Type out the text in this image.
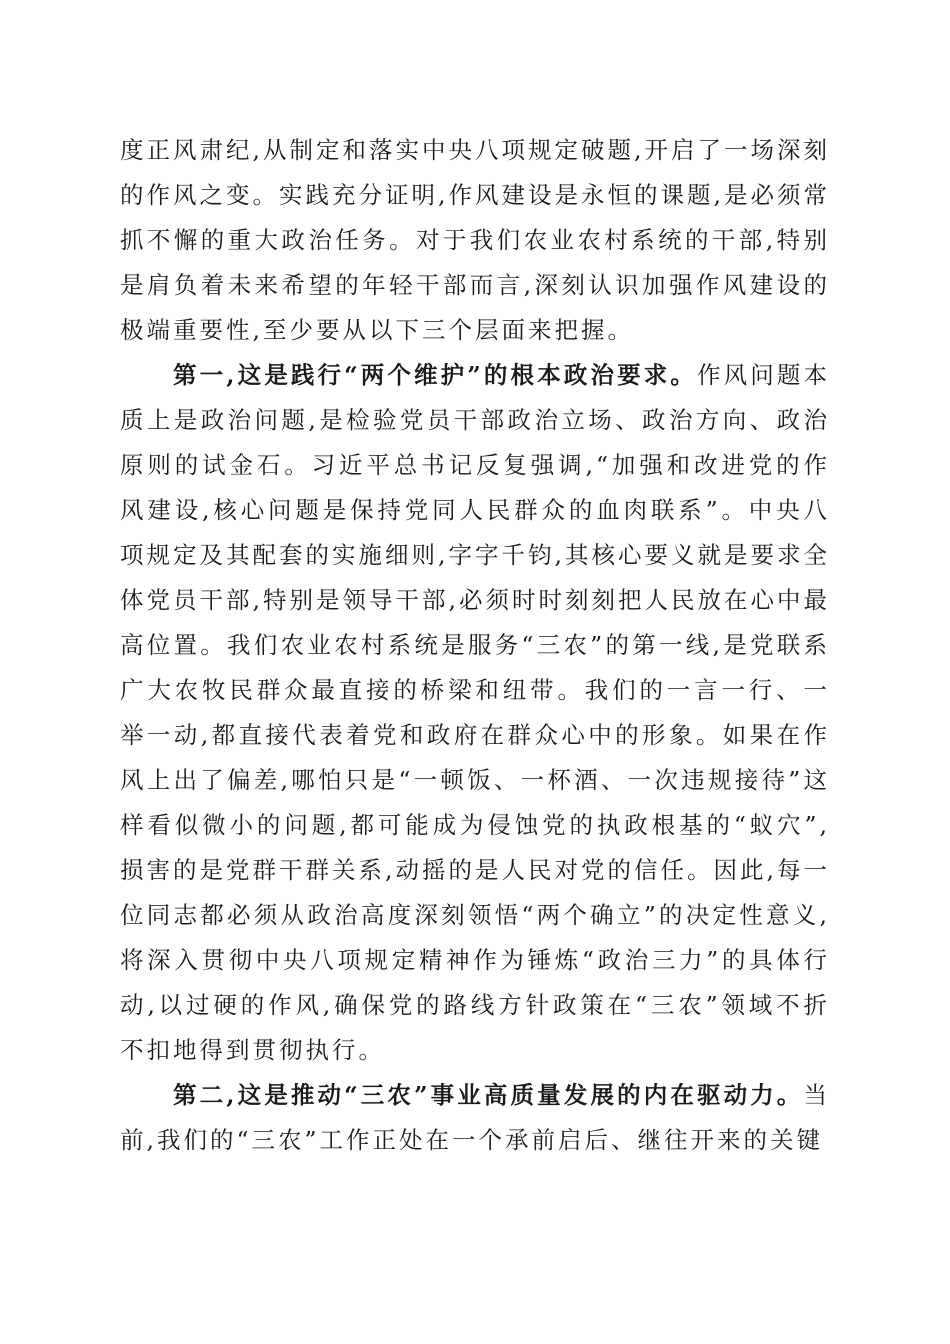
度正风肃纪,从制定和落实中央八项规定破题,开启了一场深刻的作风之变。实践充分证明,作风建设是永恒的课题,是必须常抓不懈的重大政治任务。对于我们农业农村系统的干部,特别是肩负着未来希望的年轻干部而言,深刻认识加强作风建设的极端重要性,至少要从以下三个层面来把握。

第一,这是践行“两个维护”的根本政治要求。作风问题本质上是政治问题,是检验党员干部政治立场、政治方向、政治原则的试金石。习近平总书记反复强调,“加强和改进党的作风建设,核心问题是保持党同人民群众的血肉联系”。中央八项规定及其配套的实施细则,字字千钧,其核心要义就是要求全体党员干部,特别是领导干部,必须时时刻刻把人民放在心中最高位置。我们农业农村系统是服务“三农”的第一线,是党联系广大农牧民群众最直接的桥梁和纽带。我们的一言一行、一举一动,都直接代表着党和政府在群众心中的形象。如果在作风上出了偏差,哪怕只是“一顿饭、一杯酒、一次违规接待”这样看似微小的问题,都可能成为侵蚀党的执政根基的“蚁穴”,损害的是党群干群关系,动摇的是人民对党的信任。因此,每一位同志都必须从政治高度深刻领悟“两个确立”的决定性意义,将深入贯彻中央八项规定精神作为锤炼“政治三力”的具体行动,以过硬的作风,确保党的路线方针政策在“三农”领域不折不扣地得到贯彻执行。

第二,这是推动“三农”事业高质量发展的内在驱动力。当前,我们的“三农”工作正处在一个承前启后、继往开来的关键
